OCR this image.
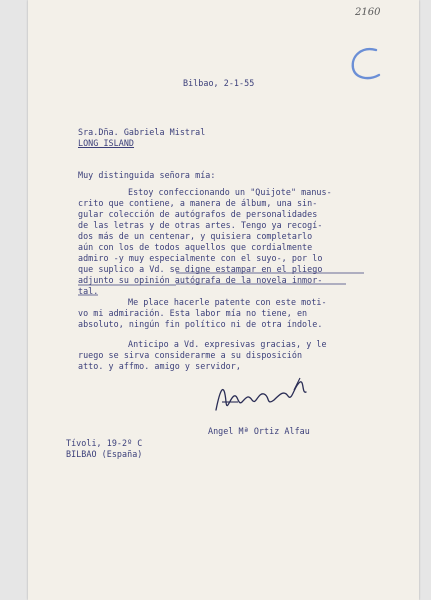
2160
Bilbao, 2-1-55
Sra.Dña. Gabriela Mistral
LONG ISLAND
Muy distinguida señora mía:
Estoy confeccionando un "Quijote" manus-
crito que contiene, a manera de álbum, una sin-
gular colección de autógrafos de personalidades
de las letras y de otras artes. Tengo ya recogí-
dos más de un centenar, y quisiera completarlo
aún con los de todos aquellos que cordialmente
admiro -y muy especialmente con el suyo-, por lo
que suplico a Vd. se digne estampar en el pliego
adjunto su opinión autógrafa de la novela inmor-
tal.
Me place hacerle patente con este moti-
vo mi admiración. Esta labor mía no tiene, en
absoluto, ningún fin político ni de otra índole.
Anticipo a Vd. expresivas gracias, y le
ruego se sirva considerarme a su disposición
atto. y affmo. amigo y servidor,
Angel Mª Ortiz Alfau
Tívoli, 19-2º C
BILBAO (España)
